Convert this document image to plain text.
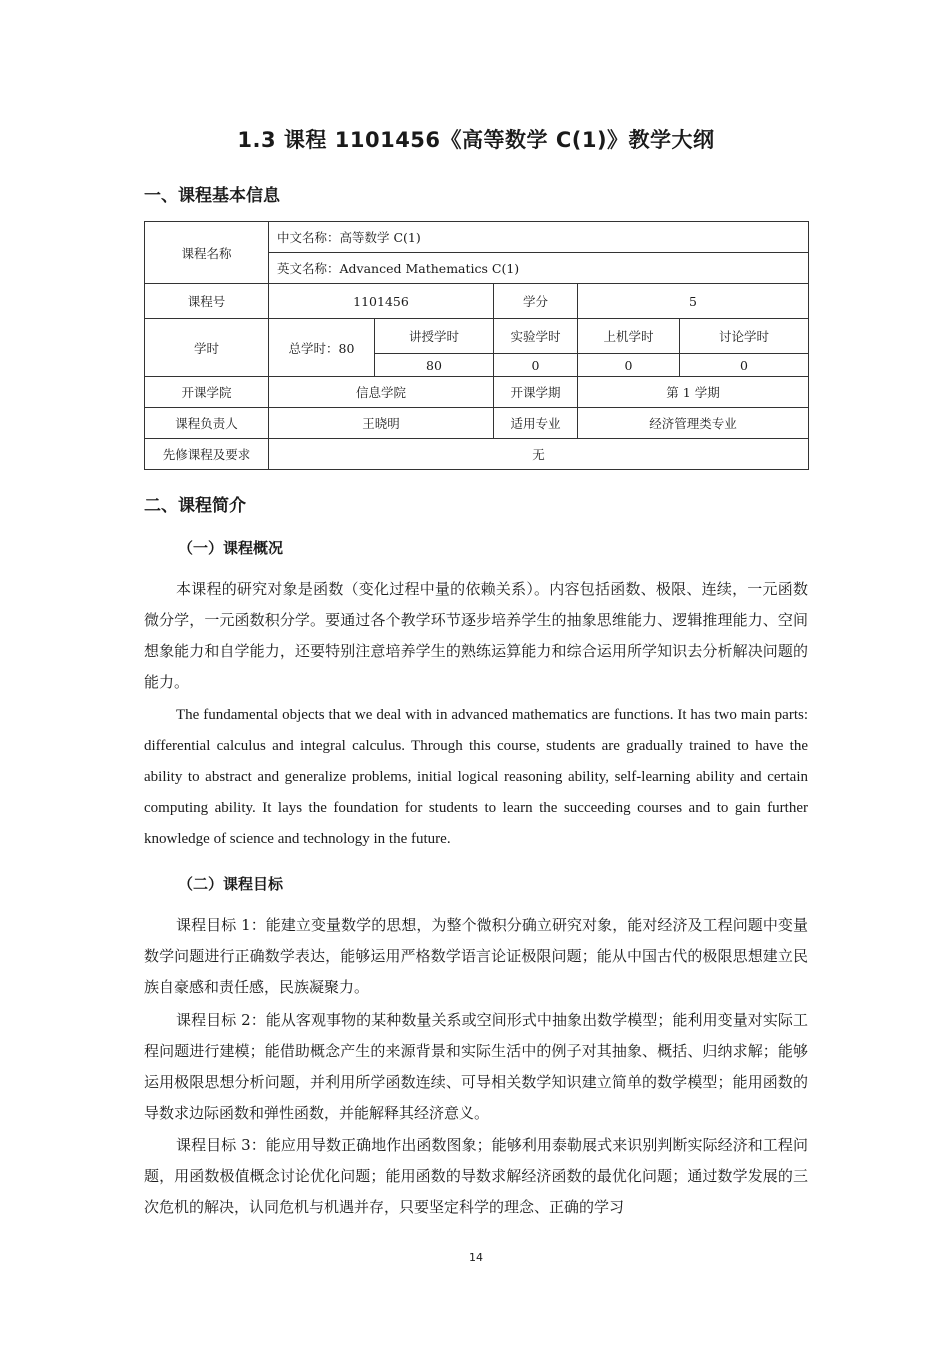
1.3 课程 1101456《高等数学 C(1)》教学大纲
一、课程基本信息
课程名称	中文名称：高等数学 C(1)				
	英文名称：Advanced Mathematics C(1)				
课程号	1101456		学分	5	
学时	总学时：80	讲授学时	实验学时	上机学时	讨论学时
		80	0	0	0
开课学院	信息学院		开课学期	第 1 学期	
课程负责人	王晓明		适用专业	经济管理类专业	
先修课程及要求	无				
二、课程简介
（一）课程概况

本课程的研究对象是函数（变化过程中量的依赖关系）。内容包括函数、极限、连续，一元函数微分学，一元函数积分学。要通过各个教学环节逐步培养学生的抽象思维能力、逻辑推理能力、空间想象能力和自学能力，还要特别注意培养学生的熟练运算能力和综合运用所学知识去分析解决问题的能力。

The fundamental objects that we deal with in advanced mathematics are functions. It has two main parts: differential calculus and integral calculus. Through this course, students are gradually trained to have the ability to abstract and generalize problems, initial logical reasoning ability, self-learning ability and certain computing ability. It lays the foundation for students to learn the succeeding courses and to gain further knowledge of science and technology in the future.

（二）课程目标

课程目标 1：能建立变量数学的思想，为整个微积分确立研究对象，能对经济及工程问题中变量数学问题进行正确数学表达，能够运用严格数学语言论证极限问题；能从中国古代的极限思想建立民族自豪感和责任感，民族凝聚力。

课程目标 2：能从客观事物的某种数量关系或空间形式中抽象出数学模型；能利用变量对实际工程问题进行建模；能借助概念产生的来源背景和实际生活中的例子对其抽象、概括、归纳求解；能够运用极限思想分析问题，并利用所学函数连续、可导相关数学知识建立简单的数学模型；能用函数的导数求边际函数和弹性函数，并能解释其经济意义。

课程目标 3：能应用导数正确地作出函数图象；能够利用泰勒展式来识别判断实际经济和工程问题，用函数极值概念讨论优化问题；能用函数的导数求解经济函数的最优化问题；通过数学发展的三次危机的解决，认同危机与机遇并存，只要坚定科学的理念、正确的学习

14
